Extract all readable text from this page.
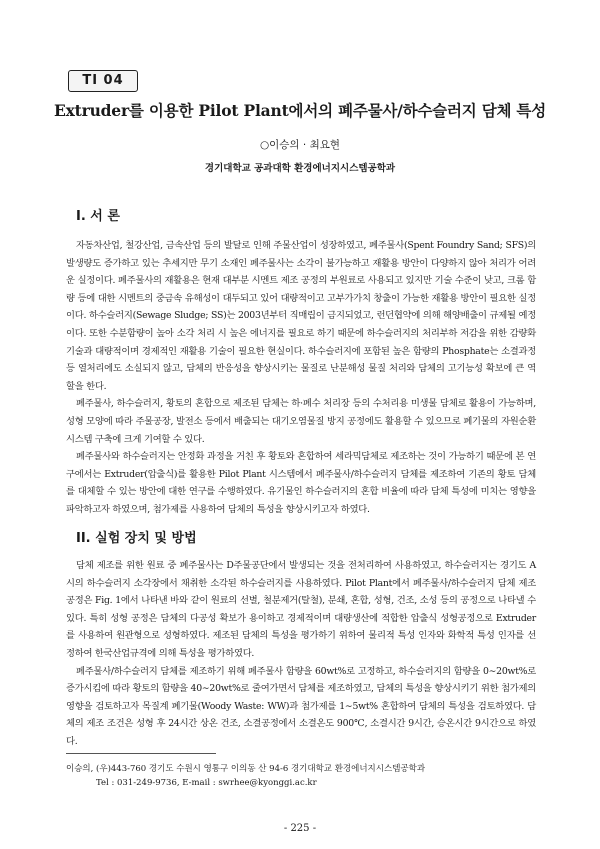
TI 04
Extruder를 이용한 Pilot Plant에서의 폐주물사/하수슬러지 담체 특성
○이승의 · 최요현
경기대학교 공과대학 환경에너지시스템공학과
I. 서 론

자동차산업, 철강산업, 금속산업 등의 발달로 인해 주물산업이 성장하였고, 폐주물사(Spent Foundry Sand; SFS)의 발생량도 증가하고 있는 추세지만 무기 소재인 폐주물사는 소각이 불가능하고 재활용 방안이 다양하지 않아 처리가 어려운 실정이다. 폐주물사의 재활용은 현재 대부분 시멘트 제조 공정의 부원료로 사용되고 있지만 기술 수준이 낮고, 크롬 함량 등에 대한 시멘트의 중금속 유해성이 대두되고 있어 대량적이고 고부가가치 창출이 가능한 재활용 방안이 필요한 실정이다. 하수슬러지(Sewage Sludge; SS)는 2003년부터 직매립이 금지되었고, 런던협약에 의해 해양배출이 규제될 예정이다. 또한 수분함량이 높아 소각 처리 시 높은 에너지를 필요로 하기 때문에 하수슬러지의 처리부하 저감을 위한 감량화 기술과 대량적이며 경제적인 재활용 기술이 필요한 현실이다. 하수슬러지에 포함된 높은 함량의 Phosphate는 소결과정 등 열처리에도 소실되지 않고, 담체의 반응성을 향상시키는 물질로 난분해성 물질 처리와 담체의 고기능성 확보에 큰 역할을 한다.

폐주물사, 하수슬러지, 황토의 혼합으로 제조된 담체는 하·폐수 처리장 등의 수처리용 미생물 담체로 활용이 가능하며, 성형 모양에 따라 주물공장, 발전소 등에서 배출되는 대기오염물질 방지 공정에도 활용할 수 있으므로 폐기물의 자원순환 시스템 구축에 크게 기여할 수 있다.

폐주물사와 하수슬러지는 안정화 과정을 거친 후 황토와 혼합하여 세라믹담체로 제조하는 것이 가능하기 때문에 본 연구에서는 Extruder(압출식)를 활용한 Pilot Plant 시스템에서 폐주물사/하수슬러지 담체를 제조하여 기존의 황토 담체를 대체할 수 있는 방안에 대한 연구를 수행하였다. 유기물인 하수슬러지의 혼합 비율에 따라 담체 특성에 미치는 영향을 파악하고자 하였으며, 첨가제를 사용하여 담체의 특성을 향상시키고자 하였다.

II. 실험 장치 및 방법

담체 제조를 위한 원료 중 폐주물사는 D주물공단에서 발생되는 것을 전처리하여 사용하였고, 하수슬러지는 경기도 A시의 하수슬러지 소각장에서 채취한 소각된 하수슬러지를 사용하였다. Pilot Plant에서 폐주물사/하수슬러지 담체 제조 공정은 Fig. 1에서 나타낸 바와 같이 원료의 선별, 철분제거(탈철), 분쇄, 혼합, 성형, 건조, 소성 등의 공정으로 나타낼 수 있다. 특히 성형 공정은 담체의 다공성 확보가 용이하고 경제적이며 대량생산에 적합한 압출식 성형공정으로 Extruder를 사용하여 원관형으로 성형하였다. 제조된 담체의 특성을 평가하기 위하여 물리적 특성 인자와 화학적 특성 인자를 선정하여 한국산업규격에 의해 특성을 평가하였다.

폐주물사/하수슬러지 담체를 제조하기 위해 폐주물사 함량을 60wt%로 고정하고, 하수슬러지의 함량을 0∼20wt%로 증가시킴에 따라 황토의 함량을 40∼20wt%로 줄여가면서 담체를 제조하였고, 담체의 특성을 향상시키기 위한 첨가제의 영향을 검토하고자 목질계 폐기물(Woody Waste: WW)과 첨가제를 1∼5wt% 혼합하여 담체의 특성을 검토하였다. 담체의 제조 조건은 성형 후 24시간 상온 건조, 소결공정에서 소결온도 900℃, 소결시간 9시간, 승온시간 9시간으로 하였다.

이승의, (우)443-760 경기도 수원시 영통구 이의동 산 94-6 경기대학교 환경에너지시스템공학과
Tel : 031-249-9736, E-mail : swrhee@kyonggi.ac.kr
- 225 -
